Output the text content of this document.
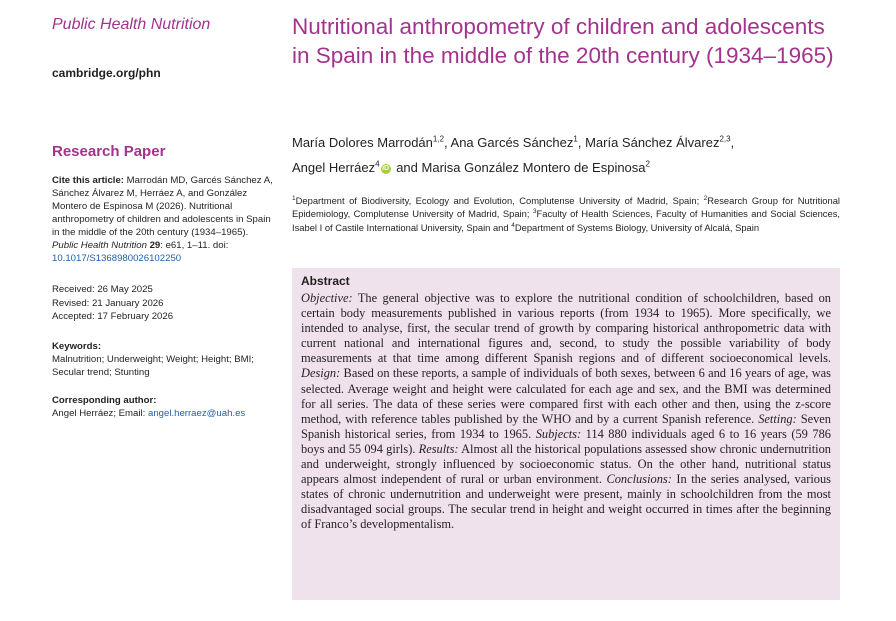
Public Health Nutrition
cambridge.org/phn
Research Paper
Cite this article: Marrodán MD, Garcés Sánchez A, Sánchez Álvarez M, Herráez A, and González Montero de Espinosa M (2026). Nutritional anthropometry of children and adolescents in Spain in the middle of the 20th century (1934–1965). Public Health Nutrition 29: e61, 1–11. doi: 10.1017/S1368980026102250
Received: 26 May 2025
Revised: 21 January 2026
Accepted: 17 February 2026
Keywords:
Malnutrition; Underweight; Weight; Height; BMI; Secular trend; Stunting
Corresponding author:
Angel Herráez; Email: angel.herraez@uah.es
Nutritional anthropometry of children and adolescents in Spain in the middle of the 20th century (1934–1965)
María Dolores Marrodán$^{1,2}$, Ana Garcés Sánchez$^1$, María Sánchez Álvarez$^{2,3}$,
Angel Herráez$^4$ iD and Marisa González Montero de Espinosa$^2$
$^1$Department of Biodiversity, Ecology and Evolution, Complutense University of Madrid, Spain; $^2$Research Group for Nutritional Epidemiology, Complutense University of Madrid, Spain; $^3$Faculty of Health Sciences, Faculty of Humanities and Social Sciences, Isabel I of Castile International University, Spain and $^4$Department of Systems Biology, University of Alcalá, Spain
Abstract
Objective: The general objective was to explore the nutritional condition of schoolchildren, based on certain body measurements published in various reports (from 1934 to 1965). More specifically, we intended to analyse, first, the secular trend of growth by comparing historical anthropometric data with current national and international figures and, second, to study the possible variability of body measurements at that time among different Spanish regions and of different socioeconomical levels. Design: Based on these reports, a sample of individuals of both sexes, between 6 and 16 years of age, was selected. Average weight and height were calculated for each age and sex, and the BMI was determined for all series. The data of these series were compared first with each other and then, using the z-score method, with reference tables published by the WHO and by a current Spanish reference. Setting: Seven Spanish historical series, from 1934 to 1965. Subjects: 114 880 individuals aged 6 to 16 years (59 786 boys and 55 094 girls). Results: Almost all the historical populations assessed show chronic undernutrition and underweight, strongly influenced by socioeconomic status. On the other hand, nutritional status appears almost independent of rural or urban environment. Conclusions: In the series analysed, various states of chronic undernutrition and underweight were present, mainly in schoolchildren from the most disadvantaged social groups. The secular trend in height and weight occurred in times after the beginning of Franco’s developmentalism.
